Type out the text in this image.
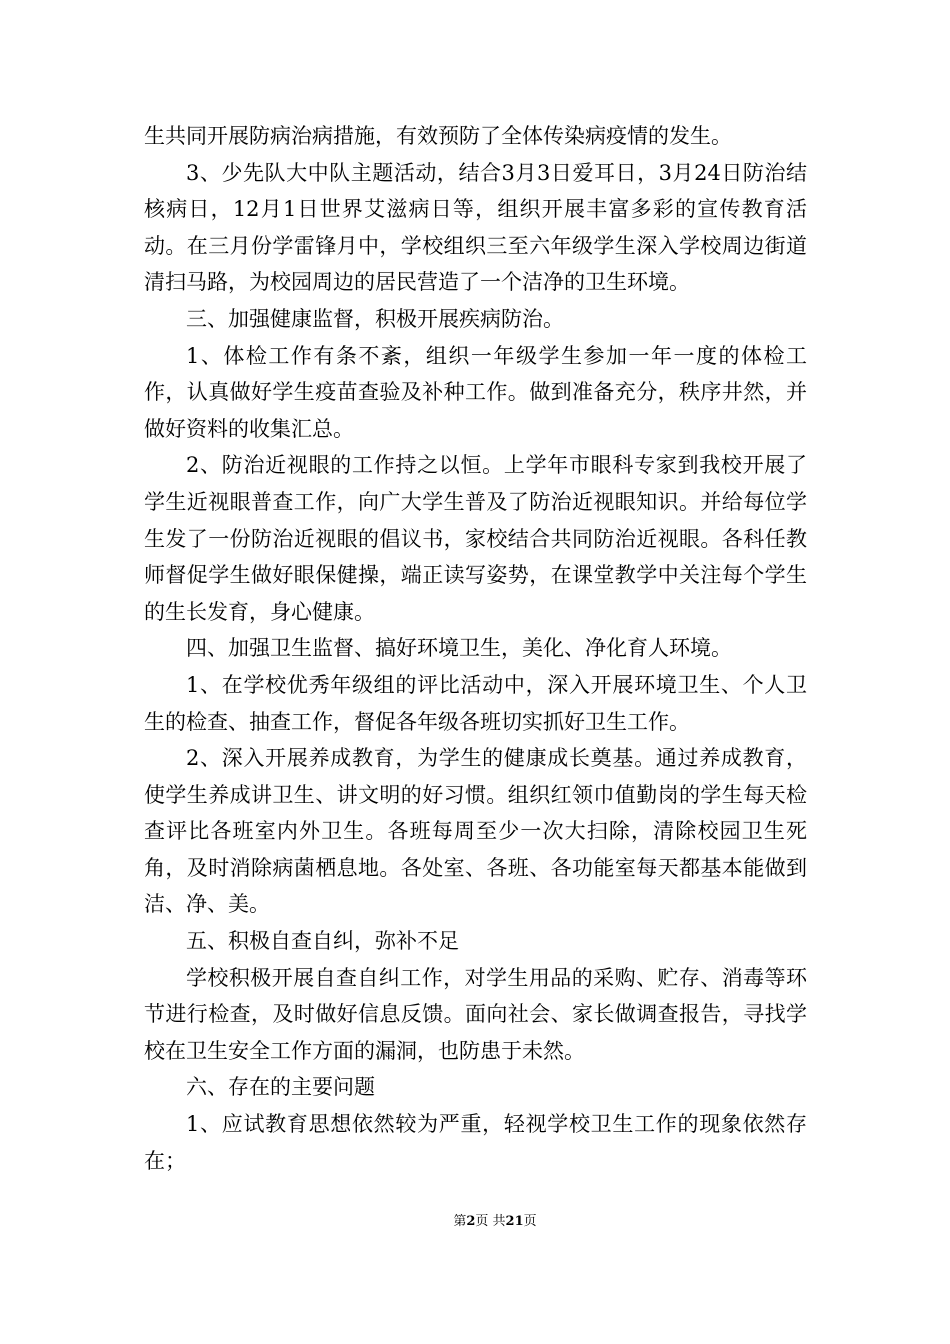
生共同开展防病治病措施，有效预防了全体传染病疫情的发生。

3、少先队大中队主题活动，结合3月3日爱耳日，3月24日防治结核病日，12月1日世界艾滋病日等，组织开展丰富多彩的宣传教育活动。在三月份学雷锋月中，学校组织三至六年级学生深入学校周边街道清扫马路，为校园周边的居民营造了一个洁净的卫生环境。

三、加强健康监督，积极开展疾病防治。

1、体检工作有条不紊，组织一年级学生参加一年一度的体检工作，认真做好学生疫苗查验及补种工作。做到准备充分，秩序井然，并做好资料的收集汇总。

2、防治近视眼的工作持之以恒。上学年市眼科专家到我校开展了学生近视眼普查工作，向广大学生普及了防治近视眼知识。并给每位学生发了一份防治近视眼的倡议书，家校结合共同防治近视眼。各科任教师督促学生做好眼保健操，端正读写姿势，在课堂教学中关注每个学生的生长发育，身心健康。

四、加强卫生监督、搞好环境卫生，美化、净化育人环境。

1、在学校优秀年级组的评比活动中，深入开展环境卫生、个人卫生的检查、抽查工作，督促各年级各班切实抓好卫生工作。

2、深入开展养成教育，为学生的健康成长奠基。通过养成教育，使学生养成讲卫生、讲文明的好习惯。组织红领巾值勤岗的学生每天检查评比各班室内外卫生。各班每周至少一次大扫除，清除校园卫生死角，及时消除病菌栖息地。各处室、各班、各功能室每天都基本能做到洁、净、美。

五、积极自查自纠，弥补不足

学校积极开展自查自纠工作，对学生用品的采购、贮存、消毒等环节进行检查，及时做好信息反馈。面向社会、家长做调查报告，寻找学校在卫生安全工作方面的漏洞，也防患于未然。

六、存在的主要问题

1、应试教育思想依然较为严重，轻视学校卫生工作的现象依然存在；

第2页 共21页
